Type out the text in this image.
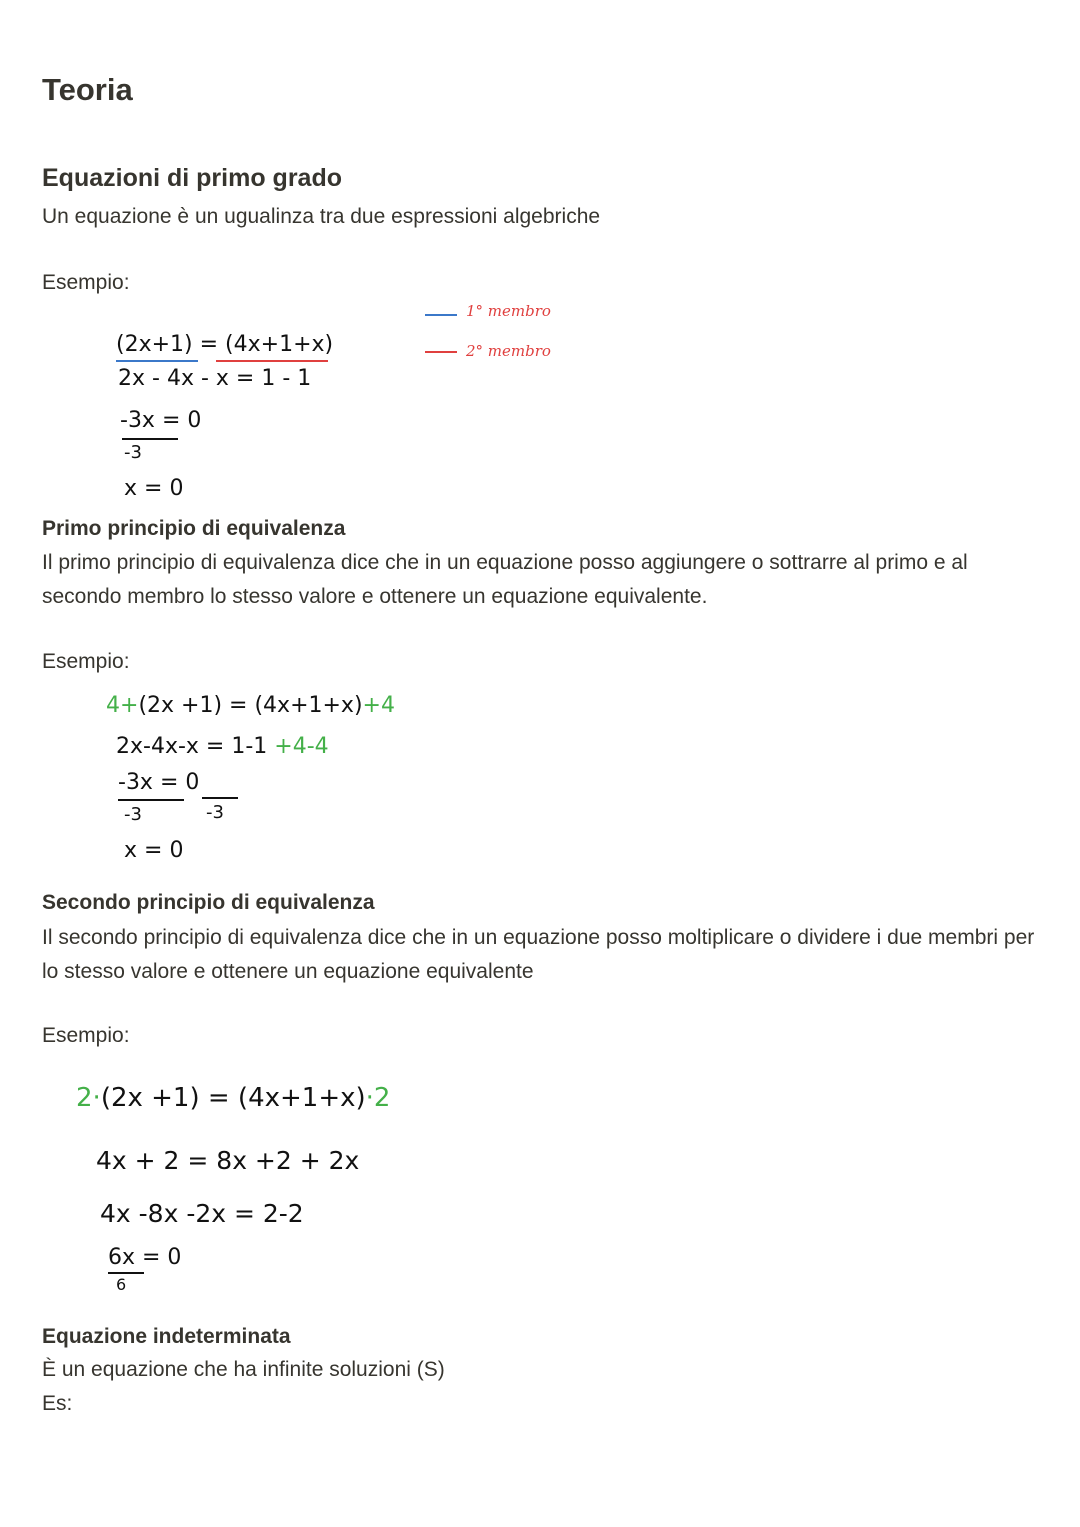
Teoria
Equazioni di primo grado
Un equazione è un ugualinza tra due espressioni algebriche
Esempio:
1° membro
2° membro
(2x+1) = (4x+1+x)
2x - 4x - x = 1 - 1
-3x = 0
-3
x = 0
Primo principio di equivalenza
Il primo principio di equivalenza dice che in un equazione posso aggiungere o sottrarre al primo e al secondo membro lo stesso valore e ottenere un equazione equivalente.
Esempio:
4+(2x +1) = (4x+1+x)+4
2x-4x-x = 1-1 +4-4
-3x = 0
-3	-3
x = 0
Secondo principio di equivalenza
Il secondo principio di equivalenza dice che in un equazione posso moltiplicare o dividere i due membri per lo stesso valore e ottenere un equazione equivalente
Esempio:
2·(2x +1) = (4x+1+x)·2
4x + 2 = 8x +2 + 2x
4x -8x -2x = 2-2
6x = 0
6
Equazione indeterminata
È un equazione che ha infinite soluzioni (S)
Es:
